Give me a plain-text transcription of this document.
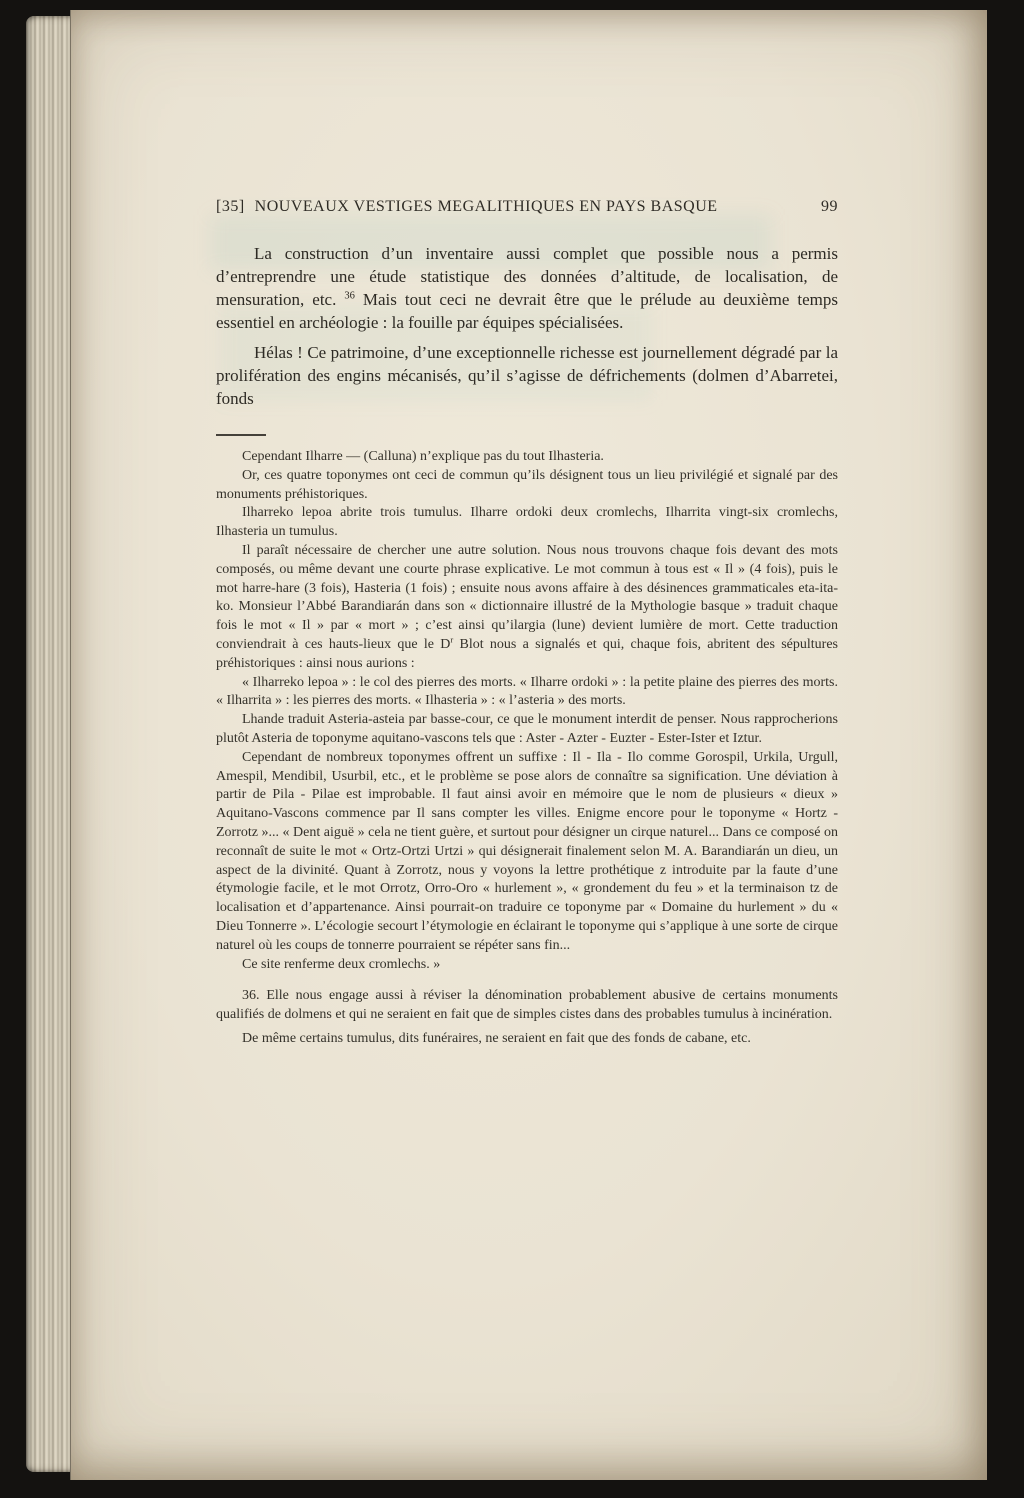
[35] NOUVEAUX VESTIGES MEGALITHIQUES EN PAYS BASQUE	99

La construction d’un inventaire aussi complet que possible nous a permis d’entreprendre une étude statistique des données d’altitude, de localisation, de mensuration, etc. $^{36}$ Mais tout ceci ne devrait être que le prélude au deuxième temps essentiel en archéologie : la fouille par équipes spécialisées.

Hélas ! Ce patrimoine, d’une exceptionnelle richesse est journellement dégradé par la prolifération des engins mécanisés, qu’il s’agisse de défrichements (dolmen d’Abarretei, fonds

Cependant Ilharre — (Calluna) n’explique pas du tout Ilhasteria.

Or, ces quatre toponymes ont ceci de commun qu’ils désignent tous un lieu privilégié et signalé par des monuments préhistoriques.

Ilharreko lepoa abrite trois tumulus. Ilharre ordoki deux cromlechs, Ilharrita vingt-six cromlechs, Ilhasteria un tumulus.

Il paraît nécessaire de chercher une autre solution. Nous nous trouvons chaque fois devant des mots composés, ou même devant une courte phrase explicative. Le mot commun à tous est « Il » (4 fois), puis le mot harre-hare (3 fois), Hasteria (1 fois) ; ensuite nous avons affaire à des désinences grammaticales eta-ita-ko. Monsieur l’Abbé Barandiarán dans son « dictionnaire illustré de la Mythologie basque » traduit chaque fois le mot « Il » par « mort » ; c’est ainsi qu’ilargia (lune) devient lumière de mort. Cette traduction conviendrait à ces hauts-lieux que le $D^r$ Blot nous a signalés et qui, chaque fois, abritent des sépultures préhistoriques : ainsi nous aurions :

« Ilharreko lepoa » : le col des pierres des morts. « Ilharre ordoki » : la petite plaine des pierres des morts. « Ilharrita » : les pierres des morts. « Ilhasteria » : « l’asteria » des morts.

Lhande traduit Asteria-asteia par basse-cour, ce que le monument interdit de penser. Nous rapprocherions plutôt Asteria de toponyme aquitano-vascons tels que : Aster - Azter - Euzter - Ester-Ister et Iztur.

Cependant de nombreux toponymes offrent un suffixe : Il - Ila - Ilo comme Gorospil, Urkila, Urgull, Amespil, Mendibil, Usurbil, etc., et le problème se pose alors de connaître sa signification. Une déviation à partir de Pila - Pilae est improbable. Il faut ainsi avoir en mémoire que le nom de plusieurs « dieux » Aquitano-Vascons commence par Il sans compter les villes. Enigme encore pour le toponyme « Hortz - Zorrotz »... « Dent aiguë » cela ne tient guère, et surtout pour désigner un cirque naturel... Dans ce composé on reconnaît de suite le mot « Ortz-Ortzi Urtzi » qui désignerait finalement selon M. A. Barandiarán un dieu, un aspect de la divinité. Quant à Zorrotz, nous y voyons la lettre prothétique z introduite par la faute d’une étymologie facile, et le mot Orrotz, Orro-Oro « hurlement », « grondement du feu » et la terminaison tz de localisation et d’appartenance. Ainsi pourrait-on traduire ce toponyme par « Domaine du hurlement » du « Dieu Tonnerre ». L’écologie secourt l’étymologie en éclairant le toponyme qui s’applique à une sorte de cirque naturel où les coups de tonnerre pourraient se répéter sans fin...

Ce site renferme deux cromlechs. »

36. Elle nous engage aussi à réviser la dénomination probablement abusive de certains monuments qualifiés de dolmens et qui ne seraient en fait que de simples cistes dans des probables tumulus à incinération.

De même certains tumulus, dits funéraires, ne seraient en fait que des fonds de cabane, etc.
